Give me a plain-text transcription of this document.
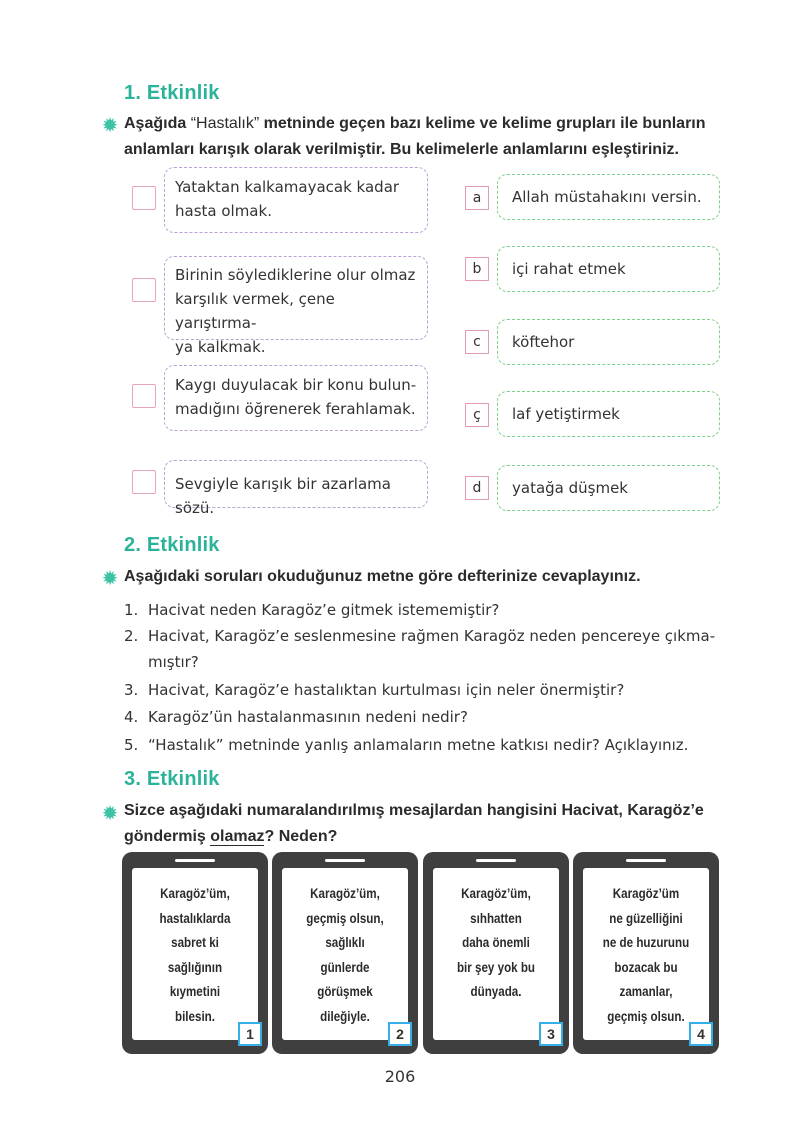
1. Etkinlik
✹ Aşağıda “Hastalık” metninde geçen bazı kelime ve kelime grupları ile bunların
anlamları karışık olarak verilmiştir. Bu kelimelerle anlamlarını eşleştiriniz.
Yataktan kalkamayacak kadar
hasta olmak.
Birinin söylediklerine olur olmaz
karşılık vermek, çene yarıştırma-
ya kalkmak.
Kaygı duyulacak bir konu bulun-
madığını öğrenerek ferahlamak.
Sevgiyle karışık bir azarlama sözü.
a	Allah müstahakını versin.
b	içi rahat etmek
c	köftehor
ç	laf yetiştirmek
d	yatağa düşmek
2. Etkinlik
✹ Aşağıdaki soruları okuduğunuz metne göre defterinize cevaplayınız.
1. Hacivat neden Karagöz’e gitmek istememiştir?
2. Hacivat, Karagöz’e seslenmesine rağmen Karagöz neden pencereye çıkma-
mıştır?
3. Hacivat, Karagöz’e hastalıktan kurtulması için neler önermiştir?
4. Karagöz’ün hastalanmasının nedeni nedir?
5. “Hastalık” metninde yanlış anlamaların metne katkısı nedir? Açıklayınız.
3. Etkinlik
✹ Sizce aşağıdaki numaralandırılmış mesajlardan hangisini Hacivat, Karagöz’e
göndermiş olamaz? Neden?
Karagöz’üm,
hastalıklarda
sabret ki
sağlığının
kıymetini
bilesin.
1
Karagöz’üm,
geçmiş olsun,
sağlıklı
günlerde
görüşmek
dileğiyle.
2
Karagöz’üm,
sıhhatten
daha önemli
bir şey yok bu
dünyada.
3
Karagöz’üm
ne güzelliğini
ne de huzurunu
bozacak bu
zamanlar,
geçmiş olsun.
4
206
